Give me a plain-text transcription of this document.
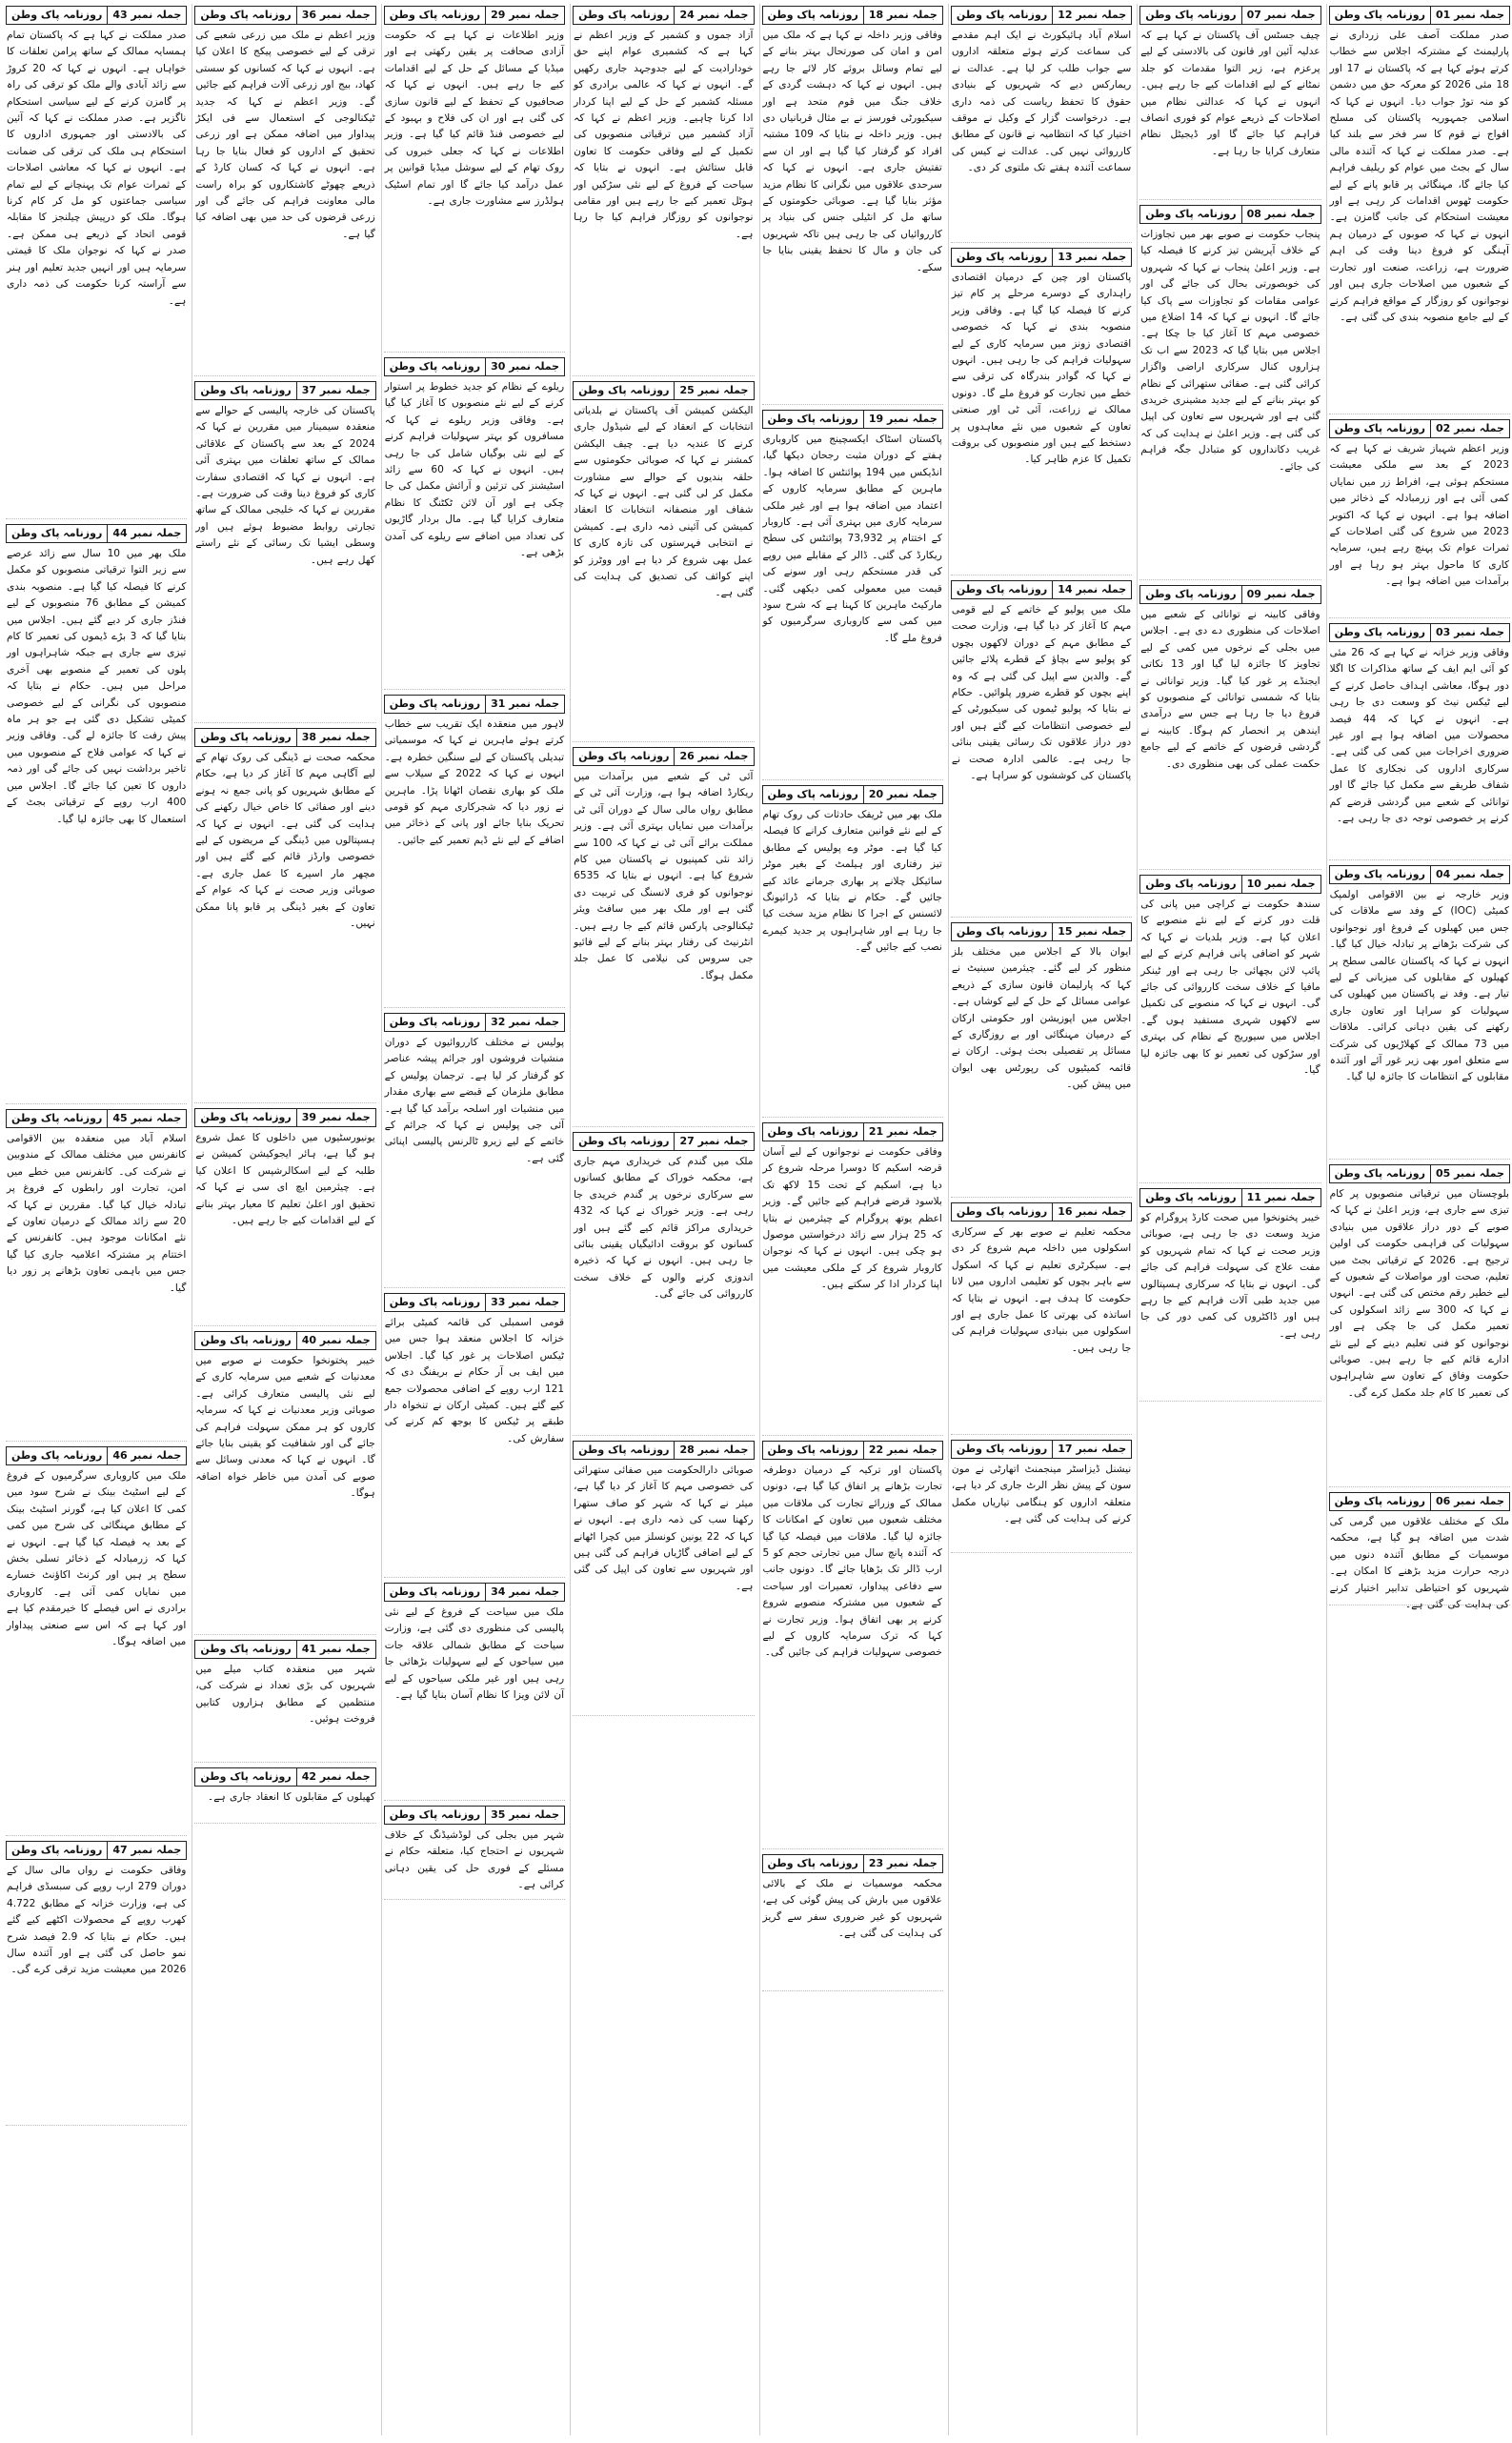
جملہ نمبر 43
روزنامہ پاک وطن

صدر مملکت نے کہا ہے کہ پاکستان تمام ہمسایہ ممالک کے ساتھ پرامن تعلقات کا خواہاں ہے۔ انہوں نے کہا کہ 20 کروڑ سے زائد آبادی والے ملک کو ترقی کی راہ پر گامزن کرنے کے لیے سیاسی استحکام ناگزیر ہے۔ صدر مملکت نے کہا کہ آئین کی بالادستی اور جمہوری اداروں کا استحکام ہی ملک کی ترقی کی ضمانت ہے۔ انہوں نے کہا کہ معاشی اصلاحات کے ثمرات عوام تک پہنچانے کے لیے تمام سیاسی جماعتوں کو مل کر کام کرنا ہوگا۔ ملک کو درپیش چیلنجز کا مقابلہ قومی اتحاد کے ذریعے ہی ممکن ہے۔ صدر نے کہا کہ نوجوان ملک کا قیمتی سرمایہ ہیں اور انہیں جدید تعلیم اور ہنر سے آراستہ کرنا حکومت کی ذمہ داری ہے۔

جملہ نمبر 44
روزنامہ پاک وطن

ملک بھر میں 10 سال سے زائد عرصے سے زیر التوا ترقیاتی منصوبوں کو مکمل کرنے کا فیصلہ کیا گیا ہے۔ منصوبہ بندی کمیشن کے مطابق 76 منصوبوں کے لیے فنڈز جاری کر دیے گئے ہیں۔ اجلاس میں بتایا گیا کہ 3 بڑے ڈیموں کی تعمیر کا کام تیزی سے جاری ہے جبکہ شاہراہوں اور پلوں کی تعمیر کے منصوبے بھی آخری مراحل میں ہیں۔ حکام نے بتایا کہ منصوبوں کی نگرانی کے لیے خصوصی کمیٹی تشکیل دی گئی ہے جو ہر ماہ پیش رفت کا جائزہ لے گی۔ وفاقی وزیر نے کہا کہ عوامی فلاح کے منصوبوں میں تاخیر برداشت نہیں کی جائے گی اور ذمہ داروں کا تعین کیا جائے گا۔ اجلاس میں 400 ارب روپے کے ترقیاتی بجٹ کے استعمال کا بھی جائزہ لیا گیا۔

جملہ نمبر 45
روزنامہ پاک وطن

اسلام آباد میں منعقدہ بین الاقوامی کانفرنس میں مختلف ممالک کے مندوبین نے شرکت کی۔ کانفرنس میں خطے میں امن، تجارت اور رابطوں کے فروغ پر تبادلہ خیال کیا گیا۔ مقررین نے کہا کہ 20 سے زائد ممالک کے درمیان تعاون کے نئے امکانات موجود ہیں۔ کانفرنس کے اختتام پر مشترکہ اعلامیہ جاری کیا گیا جس میں باہمی تعاون بڑھانے پر زور دیا گیا۔

جملہ نمبر 46
روزنامہ پاک وطن

ملک میں کاروباری سرگرمیوں کے فروغ کے لیے اسٹیٹ بینک نے شرح سود میں کمی کا اعلان کیا ہے، گورنر اسٹیٹ بینک کے مطابق مہنگائی کی شرح میں کمی کے بعد یہ فیصلہ کیا گیا ہے۔ انہوں نے کہا کہ زرمبادلہ کے ذخائر تسلی بخش سطح پر ہیں اور کرنٹ اکاؤنٹ خسارے میں نمایاں کمی آئی ہے۔ کاروباری برادری نے اس فیصلے کا خیرمقدم کیا ہے اور کہا ہے کہ اس سے صنعتی پیداوار میں اضافہ ہوگا۔

جملہ نمبر 47
روزنامہ پاک وطن

وفاقی حکومت نے رواں مالی سال کے دوران 279 ارب روپے کی سبسڈی فراہم کی ہے، وزارت خزانہ کے مطابق 4.722 کھرب روپے کے محصولات اکٹھے کیے گئے ہیں۔ حکام نے بتایا کہ 2.9 فیصد شرح نمو حاصل کی گئی ہے اور آئندہ سال 2026 میں معیشت مزید ترقی کرے گی۔

جملہ نمبر 36
روزنامہ پاک وطن

وزیر اعظم نے ملک میں زرعی شعبے کی ترقی کے لیے خصوصی پیکج کا اعلان کیا ہے۔ انہوں نے کہا کہ کسانوں کو سستی کھاد، بیج اور زرعی آلات فراہم کیے جائیں گے۔ وزیر اعظم نے کہا کہ جدید ٹیکنالوجی کے استعمال سے فی ایکڑ پیداوار میں اضافہ ممکن ہے اور زرعی تحقیق کے اداروں کو فعال بنایا جا رہا ہے۔ انہوں نے کہا کہ کسان کارڈ کے ذریعے چھوٹے کاشتکاروں کو براہ راست مالی معاونت فراہم کی جائے گی اور زرعی قرضوں کی حد میں بھی اضافہ کیا گیا ہے۔

جملہ نمبر 37
روزنامہ پاک وطن

پاکستان کی خارجہ پالیسی کے حوالے سے منعقدہ سیمینار میں مقررین نے کہا کہ 2024 کے بعد سے پاکستان کے علاقائی ممالک کے ساتھ تعلقات میں بہتری آئی ہے۔ انہوں نے کہا کہ اقتصادی سفارت کاری کو فروغ دینا وقت کی ضرورت ہے۔ مقررین نے کہا کہ خلیجی ممالک کے ساتھ تجارتی روابط مضبوط ہوئے ہیں اور وسطی ایشیا تک رسائی کے نئے راستے کھل رہے ہیں۔

جملہ نمبر 38
روزنامہ پاک وطن

محکمہ صحت نے ڈینگی کی روک تھام کے لیے آگاہی مہم کا آغاز کر دیا ہے، حکام کے مطابق شہریوں کو پانی جمع نہ ہونے دینے اور صفائی کا خاص خیال رکھنے کی ہدایت کی گئی ہے۔ انہوں نے کہا کہ ہسپتالوں میں ڈینگی کے مریضوں کے لیے خصوصی وارڈز قائم کیے گئے ہیں اور مچھر مار اسپرے کا عمل جاری ہے۔ صوبائی وزیر صحت نے کہا کہ عوام کے تعاون کے بغیر ڈینگی پر قابو پانا ممکن نہیں۔

جملہ نمبر 39
روزنامہ پاک وطن

یونیورسٹیوں میں داخلوں کا عمل شروع ہو گیا ہے، ہائر ایجوکیشن کمیشن نے طلبہ کے لیے اسکالرشپس کا اعلان کیا ہے۔ چیئرمین ایچ ای سی نے کہا کہ تحقیق اور اعلیٰ تعلیم کا معیار بہتر بنانے کے لیے اقدامات کیے جا رہے ہیں۔

جملہ نمبر 40
روزنامہ پاک وطن

خیبر پختونخوا حکومت نے صوبے میں معدنیات کے شعبے میں سرمایہ کاری کے لیے نئی پالیسی متعارف کرائی ہے۔ صوبائی وزیر معدنیات نے کہا کہ سرمایہ کاروں کو ہر ممکن سہولت فراہم کی جائے گی اور شفافیت کو یقینی بنایا جائے گا۔ انہوں نے کہا کہ معدنی وسائل سے صوبے کی آمدن میں خاطر خواہ اضافہ ہوگا۔

جملہ نمبر 41
روزنامہ پاک وطن

شہر میں منعقدہ کتاب میلے میں شہریوں کی بڑی تعداد نے شرکت کی، منتظمین کے مطابق ہزاروں کتابیں فروخت ہوئیں۔

جملہ نمبر 42
روزنامہ پاک وطن

کھیلوں کے مقابلوں کا انعقاد جاری ہے۔

جملہ نمبر 29
روزنامہ پاک وطن

وزیر اطلاعات نے کہا ہے کہ حکومت آزادی صحافت پر یقین رکھتی ہے اور میڈیا کے مسائل کے حل کے لیے اقدامات کیے جا رہے ہیں۔ انہوں نے کہا کہ صحافیوں کے تحفظ کے لیے قانون سازی کی گئی ہے اور ان کی فلاح و بہبود کے لیے خصوصی فنڈ قائم کیا گیا ہے۔ وزیر اطلاعات نے کہا کہ جعلی خبروں کی روک تھام کے لیے سوشل میڈیا قوانین پر عمل درآمد کیا جائے گا اور تمام اسٹیک ہولڈرز سے مشاورت جاری ہے۔

جملہ نمبر 30
روزنامہ پاک وطن

ریلوے کے نظام کو جدید خطوط پر استوار کرنے کے لیے نئے منصوبوں کا آغاز کیا گیا ہے۔ وفاقی وزیر ریلوے نے کہا کہ مسافروں کو بہتر سہولیات فراہم کرنے کے لیے نئی بوگیاں شامل کی جا رہی ہیں۔ انہوں نے کہا کہ 60 سے زائد اسٹیشنز کی تزئین و آرائش مکمل کی جا چکی ہے اور آن لائن ٹکٹنگ کا نظام متعارف کرایا گیا ہے۔ مال بردار گاڑیوں کی تعداد میں اضافے سے ریلوے کی آمدن بڑھی ہے۔

جملہ نمبر 31
روزنامہ پاک وطن

لاہور میں منعقدہ ایک تقریب سے خطاب کرتے ہوئے ماہرین نے کہا کہ موسمیاتی تبدیلی پاکستان کے لیے سنگین خطرہ ہے۔ انہوں نے کہا کہ 2022 کے سیلاب سے ملک کو بھاری نقصان اٹھانا پڑا۔ ماہرین نے زور دیا کہ شجرکاری مہم کو قومی تحریک بنایا جائے اور پانی کے ذخائر میں اضافے کے لیے نئے ڈیم تعمیر کیے جائیں۔

جملہ نمبر 32
روزنامہ پاک وطن

پولیس نے مختلف کارروائیوں کے دوران منشیات فروشوں اور جرائم پیشہ عناصر کو گرفتار کر لیا ہے۔ ترجمان پولیس کے مطابق ملزمان کے قبضے سے بھاری مقدار میں منشیات اور اسلحہ برآمد کیا گیا ہے۔ آئی جی پولیس نے کہا کہ جرائم کے خاتمے کے لیے زیرو ٹالرنس پالیسی اپنائی گئی ہے۔

جملہ نمبر 33
روزنامہ پاک وطن

قومی اسمبلی کی قائمہ کمیٹی برائے خزانہ کا اجلاس منعقد ہوا جس میں ٹیکس اصلاحات پر غور کیا گیا۔ اجلاس میں ایف بی آر حکام نے بریفنگ دی کہ 121 ارب روپے کے اضافی محصولات جمع کیے گئے ہیں۔ کمیٹی ارکان نے تنخواہ دار طبقے پر ٹیکس کا بوجھ کم کرنے کی سفارش کی۔

جملہ نمبر 34
روزنامہ پاک وطن

ملک میں سیاحت کے فروغ کے لیے نئی پالیسی کی منظوری دی گئی ہے، وزارت سیاحت کے مطابق شمالی علاقہ جات میں سیاحوں کے لیے سہولیات بڑھائی جا رہی ہیں اور غیر ملکی سیاحوں کے لیے آن لائن ویزا کا نظام آسان بنایا گیا ہے۔

جملہ نمبر 35
روزنامہ پاک وطن

شہر میں بجلی کی لوڈشیڈنگ کے خلاف شہریوں نے احتجاج کیا، متعلقہ حکام نے مسئلے کے فوری حل کی یقین دہانی کرائی ہے۔

جملہ نمبر 24
روزنامہ پاک وطن

آزاد جموں و کشمیر کے وزیر اعظم نے کہا ہے کہ کشمیری عوام اپنے حق خودارادیت کے لیے جدوجہد جاری رکھیں گے۔ انہوں نے کہا کہ عالمی برادری کو مسئلہ کشمیر کے حل کے لیے اپنا کردار ادا کرنا چاہیے۔ وزیر اعظم نے کہا کہ آزاد کشمیر میں ترقیاتی منصوبوں کی تکمیل کے لیے وفاقی حکومت کا تعاون قابل ستائش ہے۔ انہوں نے بتایا کہ سیاحت کے فروغ کے لیے نئی سڑکیں اور ہوٹل تعمیر کیے جا رہے ہیں اور مقامی نوجوانوں کو روزگار فراہم کیا جا رہا ہے۔

جملہ نمبر 25
روزنامہ پاک وطن

الیکشن کمیشن آف پاکستان نے بلدیاتی انتخابات کے انعقاد کے لیے شیڈول جاری کرنے کا عندیہ دیا ہے۔ چیف الیکشن کمشنر نے کہا کہ صوبائی حکومتوں سے حلقہ بندیوں کے حوالے سے مشاورت مکمل کر لی گئی ہے۔ انہوں نے کہا کہ شفاف اور منصفانہ انتخابات کا انعقاد کمیشن کی آئینی ذمہ داری ہے۔ کمیشن نے انتخابی فہرستوں کی تازہ کاری کا عمل بھی شروع کر دیا ہے اور ووٹرز کو اپنے کوائف کی تصدیق کی ہدایت کی گئی ہے۔

جملہ نمبر 26
روزنامہ پاک وطن

آئی ٹی کے شعبے میں برآمدات میں ریکارڈ اضافہ ہوا ہے، وزارت آئی ٹی کے مطابق رواں مالی سال کے دوران آئی ٹی برآمدات میں نمایاں بہتری آئی ہے۔ وزیر مملکت برائے آئی ٹی نے کہا کہ 100 سے زائد نئی کمپنیوں نے پاکستان میں کام شروع کیا ہے۔ انہوں نے بتایا کہ 6535 نوجوانوں کو فری لانسنگ کی تربیت دی گئی ہے اور ملک بھر میں سافٹ ویئر ٹیکنالوجی پارکس قائم کیے جا رہے ہیں۔ انٹرنیٹ کی رفتار بہتر بنانے کے لیے فائیو جی سروس کی نیلامی کا عمل جلد مکمل ہوگا۔

جملہ نمبر 27
روزنامہ پاک وطن

ملک میں گندم کی خریداری مہم جاری ہے، محکمہ خوراک کے مطابق کسانوں سے سرکاری نرخوں پر گندم خریدی جا رہی ہے۔ وزیر خوراک نے کہا کہ 432 خریداری مراکز قائم کیے گئے ہیں اور کسانوں کو بروقت ادائیگیاں یقینی بنائی جا رہی ہیں۔ انہوں نے کہا کہ ذخیرہ اندوزی کرنے والوں کے خلاف سخت کارروائی کی جائے گی۔

جملہ نمبر 28
روزنامہ پاک وطن

صوبائی دارالحکومت میں صفائی ستھرائی کی خصوصی مہم کا آغاز کر دیا گیا ہے، میئر نے کہا کہ شہر کو صاف ستھرا رکھنا سب کی ذمہ داری ہے۔ انہوں نے کہا کہ 22 یونین کونسلز میں کچرا اٹھانے کے لیے اضافی گاڑیاں فراہم کی گئی ہیں اور شہریوں سے تعاون کی اپیل کی گئی ہے۔

جملہ نمبر 18
روزنامہ پاک وطن

وفاقی وزیر داخلہ نے کہا ہے کہ ملک میں امن و امان کی صورتحال بہتر بنانے کے لیے تمام وسائل بروئے کار لائے جا رہے ہیں۔ انہوں نے کہا کہ دہشت گردی کے خلاف جنگ میں قوم متحد ہے اور سیکیورٹی فورسز نے بے مثال قربانیاں دی ہیں۔ وزیر داخلہ نے بتایا کہ 109 مشتبہ افراد کو گرفتار کیا گیا ہے اور ان سے تفتیش جاری ہے۔ انہوں نے کہا کہ سرحدی علاقوں میں نگرانی کا نظام مزید مؤثر بنایا گیا ہے۔ صوبائی حکومتوں کے ساتھ مل کر انٹیلی جنس کی بنیاد پر کارروائیاں کی جا رہی ہیں تاکہ شہریوں کی جان و مال کا تحفظ یقینی بنایا جا سکے۔

جملہ نمبر 19
روزنامہ پاک وطن

پاکستان اسٹاک ایکسچینج میں کاروباری ہفتے کے دوران مثبت رجحان دیکھا گیا، انڈیکس میں 194 پوائنٹس کا اضافہ ہوا۔ ماہرین کے مطابق سرمایہ کاروں کے اعتماد میں اضافہ ہوا ہے اور غیر ملکی سرمایہ کاری میں بہتری آئی ہے۔ کاروبار کے اختتام پر 73,932 پوائنٹس کی سطح ریکارڈ کی گئی۔ ڈالر کے مقابلے میں روپے کی قدر مستحکم رہی اور سونے کی قیمت میں معمولی کمی دیکھی گئی۔ مارکیٹ ماہرین کا کہنا ہے کہ شرح سود میں کمی سے کاروباری سرگرمیوں کو فروغ ملے گا۔

جملہ نمبر 20
روزنامہ پاک وطن

ملک بھر میں ٹریفک حادثات کی روک تھام کے لیے نئے قوانین متعارف کرانے کا فیصلہ کیا گیا ہے۔ موٹر وے پولیس کے مطابق تیز رفتاری اور ہیلمٹ کے بغیر موٹر سائیکل چلانے پر بھاری جرمانے عائد کیے جائیں گے۔ حکام نے بتایا کہ ڈرائیونگ لائسنس کے اجرا کا نظام مزید سخت کیا جا رہا ہے اور شاہراہوں پر جدید کیمرے نصب کیے جائیں گے۔

جملہ نمبر 21
روزنامہ پاک وطن

وفاقی حکومت نے نوجوانوں کے لیے آسان قرضہ اسکیم کا دوسرا مرحلہ شروع کر دیا ہے، اسکیم کے تحت 15 لاکھ تک بلاسود قرضے فراہم کیے جائیں گے۔ وزیر اعظم یوتھ پروگرام کے چیئرمین نے بتایا کہ 25 ہزار سے زائد درخواستیں موصول ہو چکی ہیں۔ انہوں نے کہا کہ نوجوان کاروبار شروع کر کے ملکی معیشت میں اپنا کردار ادا کر سکتے ہیں۔

جملہ نمبر 22
روزنامہ پاک وطن

پاکستان اور ترکیہ کے درمیان دوطرفہ تجارت بڑھانے پر اتفاق کیا گیا ہے، دونوں ممالک کے وزرائے تجارت کی ملاقات میں مختلف شعبوں میں تعاون کے امکانات کا جائزہ لیا گیا۔ ملاقات میں فیصلہ کیا گیا کہ آئندہ پانچ سال میں تجارتی حجم کو 5 ارب ڈالر تک بڑھایا جائے گا۔ دونوں جانب سے دفاعی پیداوار، تعمیرات اور سیاحت کے شعبوں میں مشترکہ منصوبے شروع کرنے پر بھی اتفاق ہوا۔ وزیر تجارت نے کہا کہ ترک سرمایہ کاروں کے لیے خصوصی سہولیات فراہم کی جائیں گی۔

جملہ نمبر 23
روزنامہ پاک وطن

محکمہ موسمیات نے ملک کے بالائی علاقوں میں بارش کی پیش گوئی کی ہے، شہریوں کو غیر ضروری سفر سے گریز کی ہدایت کی گئی ہے۔

جملہ نمبر 12
روزنامہ پاک وطن

اسلام آباد ہائیکورٹ نے ایک اہم مقدمے کی سماعت کرتے ہوئے متعلقہ اداروں سے جواب طلب کر لیا ہے۔ عدالت نے ریمارکس دیے کہ شہریوں کے بنیادی حقوق کا تحفظ ریاست کی ذمہ داری ہے۔ درخواست گزار کے وکیل نے موقف اختیار کیا کہ انتظامیہ نے قانون کے مطابق کارروائی نہیں کی۔ عدالت نے کیس کی سماعت آئندہ ہفتے تک ملتوی کر دی۔

جملہ نمبر 13
روزنامہ پاک وطن

پاکستان اور چین کے درمیان اقتصادی راہداری کے دوسرے مرحلے پر کام تیز کرنے کا فیصلہ کیا گیا ہے۔ وفاقی وزیر منصوبہ بندی نے کہا کہ خصوصی اقتصادی زونز میں سرمایہ کاری کے لیے سہولیات فراہم کی جا رہی ہیں۔ انہوں نے کہا کہ گوادر بندرگاہ کی ترقی سے خطے میں تجارت کو فروغ ملے گا۔ دونوں ممالک نے زراعت، آئی ٹی اور صنعتی تعاون کے شعبوں میں نئے معاہدوں پر دستخط کیے ہیں اور منصوبوں کی بروقت تکمیل کا عزم ظاہر کیا۔

جملہ نمبر 14
روزنامہ پاک وطن

ملک میں پولیو کے خاتمے کے لیے قومی مہم کا آغاز کر دیا گیا ہے، وزارت صحت کے مطابق مہم کے دوران لاکھوں بچوں کو پولیو سے بچاؤ کے قطرے پلائے جائیں گے۔ والدین سے اپیل کی گئی ہے کہ وہ اپنے بچوں کو قطرے ضرور پلوائیں۔ حکام نے بتایا کہ پولیو ٹیموں کی سیکیورٹی کے لیے خصوصی انتظامات کیے گئے ہیں اور دور دراز علاقوں تک رسائی یقینی بنائی جا رہی ہے۔ عالمی ادارہ صحت نے پاکستان کی کوششوں کو سراہا ہے۔

جملہ نمبر 15
روزنامہ پاک وطن

ایوان بالا کے اجلاس میں مختلف بلز منظور کر لیے گئے۔ چیئرمین سینیٹ نے کہا کہ پارلیمان قانون سازی کے ذریعے عوامی مسائل کے حل کے لیے کوشاں ہے۔ اجلاس میں اپوزیشن اور حکومتی ارکان کے درمیان مہنگائی اور بے روزگاری کے مسائل پر تفصیلی بحث ہوئی۔ ارکان نے قائمہ کمیٹیوں کی رپورٹس بھی ایوان میں پیش کیں۔

جملہ نمبر 16
روزنامہ پاک وطن

محکمہ تعلیم نے صوبے بھر کے سرکاری اسکولوں میں داخلہ مہم شروع کر دی ہے۔ سیکرٹری تعلیم نے کہا کہ اسکول سے باہر بچوں کو تعلیمی اداروں میں لانا حکومت کا ہدف ہے۔ انہوں نے بتایا کہ اساتذہ کی بھرتی کا عمل جاری ہے اور اسکولوں میں بنیادی سہولیات فراہم کی جا رہی ہیں۔

جملہ نمبر 17
روزنامہ پاک وطن

نیشنل ڈیزاسٹر مینجمنٹ اتھارٹی نے مون سون کے پیش نظر الرٹ جاری کر دیا ہے، متعلقہ اداروں کو ہنگامی تیاریاں مکمل کرنے کی ہدایت کی گئی ہے۔

جملہ نمبر 07
روزنامہ پاک وطن

چیف جسٹس آف پاکستان نے کہا ہے کہ عدلیہ آئین اور قانون کی بالادستی کے لیے پرعزم ہے، زیر التوا مقدمات کو جلد نمٹانے کے لیے اقدامات کیے جا رہے ہیں۔ انہوں نے کہا کہ عدالتی نظام میں اصلاحات کے ذریعے عوام کو فوری انصاف فراہم کیا جائے گا اور ڈیجیٹل نظام متعارف کرایا جا رہا ہے۔

جملہ نمبر 08
روزنامہ پاک وطن

پنجاب حکومت نے صوبے بھر میں تجاوزات کے خلاف آپریشن تیز کرنے کا فیصلہ کیا ہے۔ وزیر اعلیٰ پنجاب نے کہا کہ شہروں کی خوبصورتی بحال کی جائے گی اور عوامی مقامات کو تجاوزات سے پاک کیا جائے گا۔ انہوں نے کہا کہ 14 اضلاع میں خصوصی مہم کا آغاز کیا جا چکا ہے۔ اجلاس میں بتایا گیا کہ 2023 سے اب تک ہزاروں کنال سرکاری اراضی واگزار کرائی گئی ہے۔ صفائی ستھرائی کے نظام کو بہتر بنانے کے لیے جدید مشینری خریدی گئی ہے اور شہریوں سے تعاون کی اپیل کی گئی ہے۔ وزیر اعلیٰ نے ہدایت کی کہ غریب دکانداروں کو متبادل جگہ فراہم کی جائے۔

جملہ نمبر 09
روزنامہ پاک وطن

وفاقی کابینہ نے توانائی کے شعبے میں اصلاحات کی منظوری دے دی ہے۔ اجلاس میں بجلی کے نرخوں میں کمی کے لیے تجاویز کا جائزہ لیا گیا اور 13 نکاتی ایجنڈے پر غور کیا گیا۔ وزیر توانائی نے بتایا کہ شمسی توانائی کے منصوبوں کو فروغ دیا جا رہا ہے جس سے درآمدی ایندھن پر انحصار کم ہوگا۔ کابینہ نے گردشی قرضوں کے خاتمے کے لیے جامع حکمت عملی کی بھی منظوری دی۔

جملہ نمبر 10
روزنامہ پاک وطن

سندھ حکومت نے کراچی میں پانی کی قلت دور کرنے کے لیے نئے منصوبے کا اعلان کیا ہے۔ وزیر بلدیات نے کہا کہ شہر کو اضافی پانی فراہم کرنے کے لیے پائپ لائن بچھائی جا رہی ہے اور ٹینکر مافیا کے خلاف سخت کارروائی کی جائے گی۔ انہوں نے کہا کہ منصوبے کی تکمیل سے لاکھوں شہری مستفید ہوں گے۔ اجلاس میں سیوریج کے نظام کی بہتری اور سڑکوں کی تعمیر نو کا بھی جائزہ لیا گیا۔

جملہ نمبر 11
روزنامہ پاک وطن

خیبر پختونخوا میں صحت کارڈ پروگرام کو مزید وسعت دی جا رہی ہے، صوبائی وزیر صحت نے کہا کہ تمام شہریوں کو مفت علاج کی سہولت فراہم کی جائے گی۔ انہوں نے بتایا کہ سرکاری ہسپتالوں میں جدید طبی آلات فراہم کیے جا رہے ہیں اور ڈاکٹروں کی کمی دور کی جا رہی ہے۔

جملہ نمبر 01
روزنامہ پاک وطن

صدر مملکت آصف علی زرداری نے پارلیمنٹ کے مشترکہ اجلاس سے خطاب کرتے ہوئے کہا ہے کہ پاکستان نے 17 اور 18 مئی 2026 کو معرکہ حق میں دشمن کو منہ توڑ جواب دیا۔ انہوں نے کہا کہ اسلامی جمہوریہ پاکستان کی مسلح افواج نے قوم کا سر فخر سے بلند کیا ہے۔ صدر مملکت نے کہا کہ آئندہ مالی سال کے بجٹ میں عوام کو ریلیف فراہم کیا جائے گا، مہنگائی پر قابو پانے کے لیے حکومت ٹھوس اقدامات کر رہی ہے اور معیشت استحکام کی جانب گامزن ہے۔ انہوں نے کہا کہ صوبوں کے درمیان ہم آہنگی کو فروغ دینا وقت کی اہم ضرورت ہے، زراعت، صنعت اور تجارت کے شعبوں میں اصلاحات جاری ہیں اور نوجوانوں کو روزگار کے مواقع فراہم کرنے کے لیے جامع منصوبہ بندی کی گئی ہے۔

جملہ نمبر 02
روزنامہ پاک وطن

وزیر اعظم شہباز شریف نے کہا ہے کہ 2023 کے بعد سے ملکی معیشت مستحکم ہوئی ہے، افراط زر میں نمایاں کمی آئی ہے اور زرمبادلہ کے ذخائر میں اضافہ ہوا ہے۔ انہوں نے کہا کہ اکتوبر 2023 میں شروع کی گئی اصلاحات کے ثمرات عوام تک پہنچ رہے ہیں، سرمایہ کاری کا ماحول بہتر ہو رہا ہے اور برآمدات میں اضافہ ہوا ہے۔

جملہ نمبر 03
روزنامہ پاک وطن

وفاقی وزیر خزانہ نے کہا ہے کہ 26 مئی کو آئی ایم ایف کے ساتھ مذاکرات کا اگلا دور ہوگا، معاشی اہداف حاصل کرنے کے لیے ٹیکس نیٹ کو وسعت دی جا رہی ہے۔ انہوں نے کہا کہ 44 فیصد محصولات میں اضافہ ہوا ہے اور غیر ضروری اخراجات میں کمی کی گئی ہے۔ سرکاری اداروں کی نجکاری کا عمل شفاف طریقے سے مکمل کیا جائے گا اور توانائی کے شعبے میں گردشی قرضے کم کرنے پر خصوصی توجہ دی جا رہی ہے۔

جملہ نمبر 04
روزنامہ پاک وطن

وزیر خارجہ نے بین الاقوامی اولمپک کمیٹی (IOC) کے وفد سے ملاقات کی جس میں کھیلوں کے فروغ اور نوجوانوں کی شرکت بڑھانے پر تبادلہ خیال کیا گیا۔ انہوں نے کہا کہ پاکستان عالمی سطح پر کھیلوں کے مقابلوں کی میزبانی کے لیے تیار ہے۔ وفد نے پاکستان میں کھیلوں کی سہولیات کو سراہا اور تعاون جاری رکھنے کی یقین دہانی کرائی۔ ملاقات میں 73 ممالک کے کھلاڑیوں کی شرکت سے متعلق امور بھی زیر غور آئے اور آئندہ مقابلوں کے انتظامات کا جائزہ لیا گیا۔

جملہ نمبر 05
روزنامہ پاک وطن

بلوچستان میں ترقیاتی منصوبوں پر کام تیزی سے جاری ہے، وزیر اعلیٰ نے کہا کہ صوبے کے دور دراز علاقوں میں بنیادی سہولیات کی فراہمی حکومت کی اولین ترجیح ہے۔ 2026 کے ترقیاتی بجٹ میں تعلیم، صحت اور مواصلات کے شعبوں کے لیے خطیر رقم مختص کی گئی ہے۔ انہوں نے کہا کہ 300 سے زائد اسکولوں کی تعمیر مکمل کی جا چکی ہے اور نوجوانوں کو فنی تعلیم دینے کے لیے نئے ادارے قائم کیے جا رہے ہیں۔ صوبائی حکومت وفاق کے تعاون سے شاہراہوں کی تعمیر کا کام جلد مکمل کرے گی۔

جملہ نمبر 06
روزنامہ پاک وطن

ملک کے مختلف علاقوں میں گرمی کی شدت میں اضافہ ہو گیا ہے، محکمہ موسمیات کے مطابق آئندہ دنوں میں درجہ حرارت مزید بڑھنے کا امکان ہے۔ شہریوں کو احتیاطی تدابیر اختیار کرنے کی ہدایت کی گئی ہے۔
